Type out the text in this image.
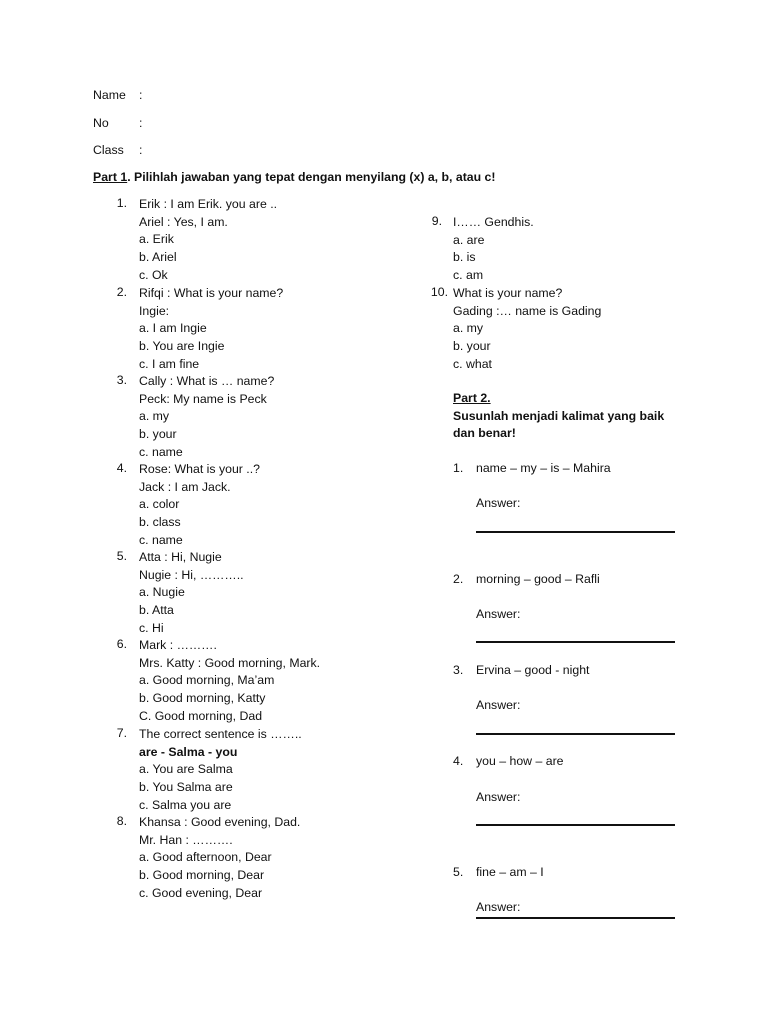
Name :
No :
Class :
Part 1. Pilihlah jawaban yang tepat dengan menyilang (x) a, b, atau c!
1. Erik : I am Erik. you are ..
Ariel : Yes, I am.
a. Erik
b. Ariel
c. Ok
2. Rifqi : What is your name?
Ingie:
a. I am Ingie
b. You are Ingie
c. I am fine
3. Cally : What is … name?
Peck: My name is Peck
a. my
b. your
c. name
4. Rose: What is your ..?
Jack : I am Jack.
a. color
b. class
c. name
5. Atta : Hi, Nugie
Nugie : Hi, ………..
a. Nugie
b. Atta
c. Hi
6. Mark : ……….
Mrs. Katty : Good morning, Mark.
a. Good morning, Ma’am
b. Good morning, Katty
C. Good morning, Dad
7. The correct sentence is ……..
are - Salma - you
a. You are Salma
b. You Salma are
c. Salma you are
8. Khansa : Good evening, Dad.
Mr. Han : ……….
a. Good afternoon, Dear
b. Good morning, Dear
c. Good evening, Dear
9. I…… Gendhis.
a. are
b. is
c. am
10. What is your name?
Gading :… name is Gading
a. my
b. your
c. what
Part 2.
Susunlah menjadi kalimat yang baik
dan benar!
1. name – my – is – Mahira
Answer:
2. morning – good – Rafli
Answer:
3. Ervina – good - night
Answer:
4. you – how – are
Answer:
5. fine – am – I
Answer:
